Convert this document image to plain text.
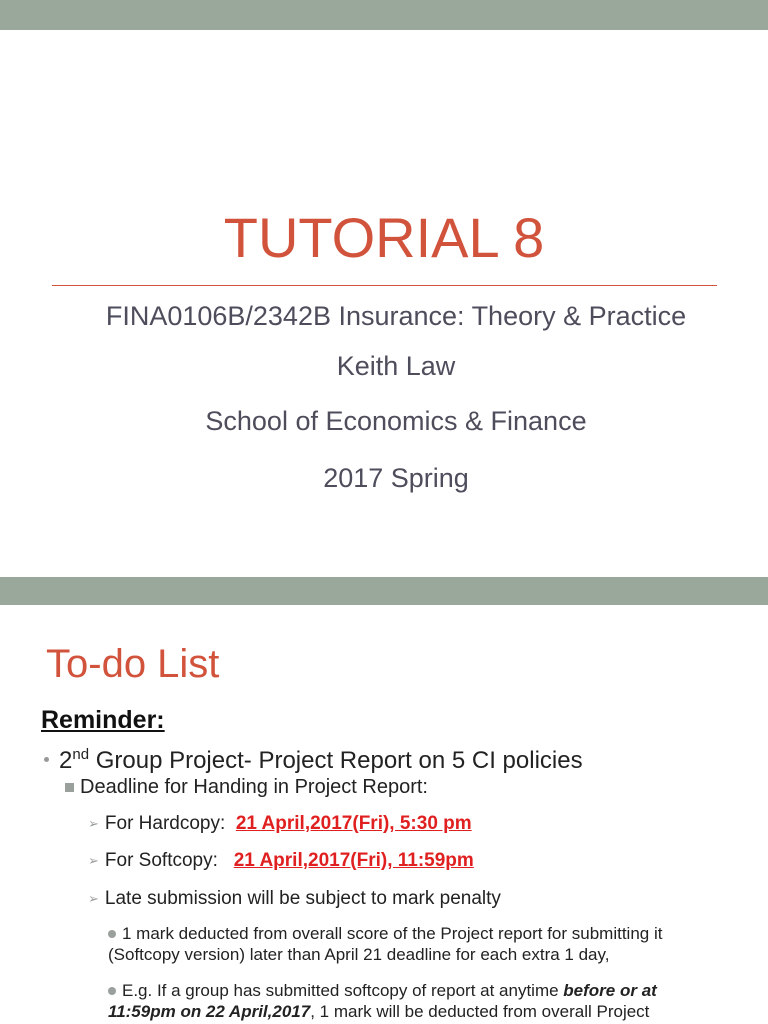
TUTORIAL 8
FINA0106B/2342B Insurance: Theory & Practice
Keith Law
School of Economics & Finance
2017 Spring
To-do List
Reminder:
2nd Group Project- Project Report on 5 CI policies
Deadline for Handing in Project Report:
➢ For Hardcopy:  21 April,2017(Fri), 5:30 pm
➢ For Softcopy:   21 April,2017(Fri), 11:59pm
➢ Late submission will be subject to mark penalty
1 mark deducted from overall score of the Project report for submitting it
(Softcopy version) later than April 21 deadline for each extra 1 day,
E.g. If a group has submitted softcopy of report at anytime before or at
11:59pm on 22 April,2017, 1 mark will be deducted from overall Project
